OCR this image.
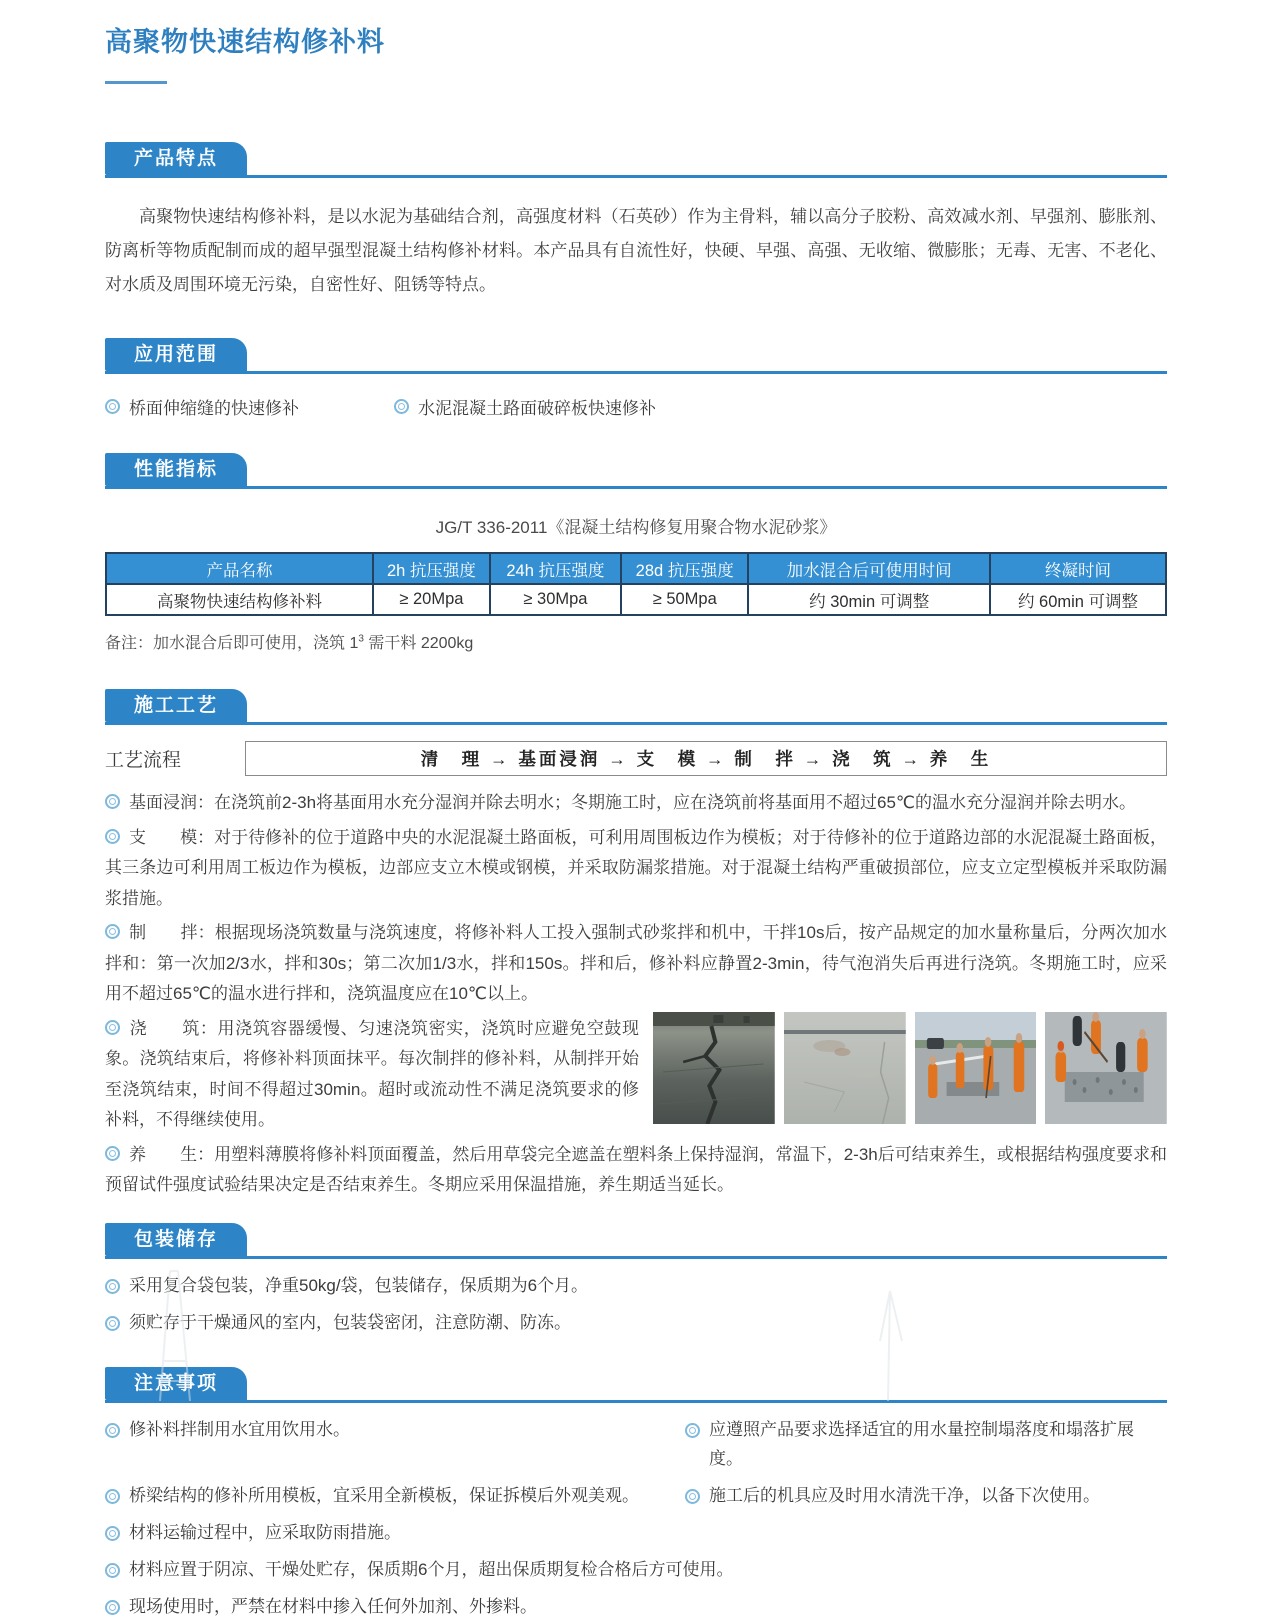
高聚物快速结构修补料
产品特点

高聚物快速结构修补料，是以水泥为基础结合剂，高强度材料（石英砂）作为主骨料，辅以高分子胶粉、高效减水剂、早强剂、膨胀剂、防离析等物质配制而成的超早强型混凝土结构修补材料。本产品具有自流性好，快硬、早强、高强、无收缩、微膨胀；无毒、无害、不老化、对水质及周围环境无污染，自密性好、阻锈等特点。

应用范围
桥面伸缩缝的快速修补	水泥混凝土路面破碎板快速修补
性能指标
JG/T 336-2011《混凝土结构修复用聚合物水泥砂浆》
产品名称	2h 抗压强度	24h 抗压强度	28d 抗压强度	加水混合后可使用时间	终凝时间
高聚物快速结构修补料	≥ 20Mpa	≥ 30Mpa	≥ 50Mpa	约 30min 可调整	约 60min 可调整
备注：加水混合后即可使用，浇筑 $1^3$ 需干料 2200kg
施工工艺
工艺流程	清　理 → 基面浸润 → 支　模 → 制　拌 → 浇　筑 → 养　生

基面浸润：在浇筑前2-3h将基面用水充分湿润并除去明水；冬期施工时，应在浇筑前将基面用不超过65℃的温水充分湿润并除去明水。

支　　模：对于待修补的位于道路中央的水泥混凝土路面板，可利用周围板边作为模板；对于待修补的位于道路边部的水泥混凝土路面板，其三条边可利用周工板边作为模板，边部应支立木模或钢模，并采取防漏浆措施。对于混凝土结构严重破损部位，应支立定型模板并采取防漏浆措施。

制　　拌：根据现场浇筑数量与浇筑速度，将修补料人工投入强制式砂浆拌和机中，干拌10s后，按产品规定的加水量称量后，分两次加水拌和：第一次加2/3水，拌和30s；第二次加1/3水，拌和150s。拌和后，修补料应静置2-3min，待气泡消失后再进行浇筑。冬期施工时，应采用不超过65℃的温水进行拌和，浇筑温度应在10℃以上。

浇　　筑：用浇筑容器缓慢、匀速浇筑密实，浇筑时应避免空鼓现象。浇筑结束后，将修补料顶面抹平。每次制拌的修补料，从制拌开始至浇筑结束，时间不得超过30min。超时或流动性不满足浇筑要求的修补料，不得继续使用。

养　　生：用塑料薄膜将修补料顶面覆盖，然后用草袋完全遮盖在塑料条上保持湿润，常温下，2-3h后可结束养生，或根据结构强度要求和预留试件强度试验结果决定是否结束养生。冬期应采用保温措施，养生期适当延长。

包装储存
采用复合袋包装，净重50kg/袋，包装储存，保质期为6个月。
须贮存于干燥通风的室内，包装袋密闭，注意防潮、防冻。
注意事项
修补料拌制用水宜用饮用水。	应遵照产品要求选择适宜的用水量控制塌落度和塌落扩展度。
桥梁结构的修补所用模板，宜采用全新模板，保证拆模后外观美观。	施工后的机具应及时用水清洗干净，以备下次使用。
材料运输过程中，应采取防雨措施。
材料应置于阴凉、干燥处贮存，保质期6个月，超出保质期复检合格后方可使用。
现场使用时，严禁在材料中掺入任何外加剂、外掺料。
